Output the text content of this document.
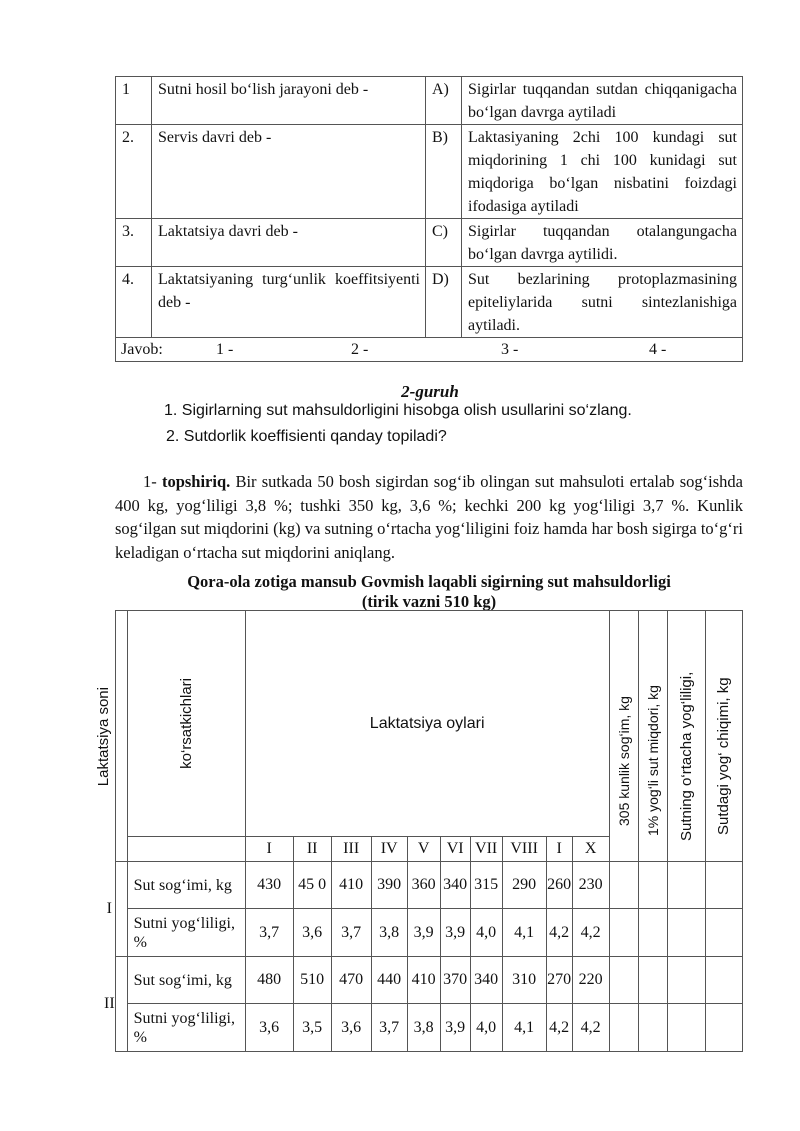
1	Sutni hosil bo‘lish jarayoni deb -	A)	Sigirlar tuqqandan sutdan chiqqanigacha bo‘lgan davrga aytiladi
2.	Servis davri deb -	B)	Laktasiyaning 2chi 100 kundagi sut miqdorining 1 chi 100 kunidagi sut miqdoriga bo‘lgan nisbatini foizdagi ifodasiga aytiladi
3.	Laktatsiya davri deb -	C)	Sigirlar tuqqandan otalangungacha bo‘lgan davrga aytilidi.
4.	Laktatsiyaning turg‘unlik koeffitsiyenti deb -	D)	Sut bezlarining protoplazmasining epiteliylarida sutni sintezlanishiga aytiladi.
Javob: 1 - 2 - 3 - 4 -			
2-guruh
1. Sigirlarning sut mahsuldorligini hisobga olish usullarini so‘zlang.
2. Sutdorlik koeffisienti qanday topiladi?
1- topshiriq. Bir sutkada 50 bosh sigirdan sog‘ib olingan sut mahsuloti ertalab sog‘ishda 400 kg, yog‘liligi 3,8 %; tushki 350 kg, 3,6 %; kechki 200 kg yog‘liligi 3,7 %. Kunlik sog‘ilgan sut miqdorini (kg) va sutning o‘rtacha yog‘liligini foiz hamda har bosh sigirga to‘g‘ri keladigan o‘rtacha sut miqdorini aniqlang.
Qora-ola zotiga mansub Govmish laqabli sigirning sut mahsuldorligi
(tirik vazni 510 kg)

	ko‘rsatkichlari	Laktatsiya oylari										305 kunlik sog‘im, kg	1% yog‘li sut miqdori, kg	Sutning o‘rtacha yog‘liligi,	Sutdagi yog‘ chiqimi, kg

		I	II	III	IV	V	VI	VII	VIII	I	X				
I	Sut sog‘imi, kg	430	45 0	410	390	360	340	315	290	260	230				
	Sutni yog‘liligi, %	3,7	3,6	3,7	3,8	3,9	3,9	4,0	4,1	4,2	4,2				
II	Sut sog‘imi, kg	480	510	470	440	410	370	340	310	270	220				
	Sutni yog‘liligi, %	3,6	3,5	3,6	3,7	3,8	3,9	4,0	4,1	4,2	4,2				
Laktatsiya soni
